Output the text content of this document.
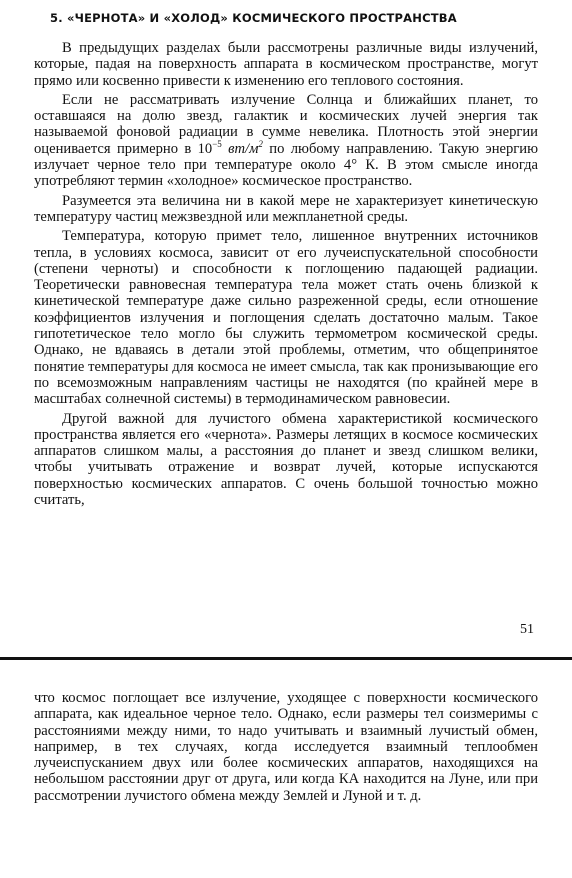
5. «ЧЕРНОТА» И «ХОЛОД» КОСМИЧЕСКОГО ПРОСТРАНСТВА

В предыдущих разделах были рассмотрены различные виды излучений, которые, падая на поверхность аппарата в космическом пространстве, могут прямо или косвенно привести к изменению его теплового состояния.

Если не рассматривать излучение Солнца и ближайших планет, то оставшаяся на долю звезд, галактик и космических лучей энергия так называемой фоновой радиации в сумме невелика. Плотность этой энергии оценивается примерно в $10^{-5}$ $вт/м^2$ по любому направлению. Такую энергию излучает черное тело при температуре около 4° К. В этом смысле иногда употребляют термин «холодное» космическое пространство.

Разумеется эта величина ни в какой мере не характеризует кинетическую температуру частиц межзвездной или межпланетной среды.

Температура, которую примет тело, лишенное внутренних источников тепла, в условиях космоса, зависит от его лучеиспускательной способности (степени черноты) и способности к поглощению падающей радиации. Теоретически равновесная температура тела может стать очень близкой к кинетической температуре даже сильно разреженной среды, если отношение коэффициентов излучения и поглощения сделать достаточно малым. Такое гипотетическое тело могло бы служить термометром космической среды. Однако, не вдаваясь в детали этой проблемы, отметим, что общепринятое понятие температуры для космоса не имеет смысла, так как пронизывающие его по всемозможным направлениям частицы не находятся (по крайней мере в масштабах солнечной системы) в термодинамическом равновесии.

Другой важной для лучистого обмена характеристикой космического пространства является его «чернота». Размеры летящих в космосе космических аппаратов слишком малы, а расстояния до планет и звезд слишком велики, чтобы учитывать отражение и возврат лучей, которые испускаются поверхностью космических аппаратов. С очень большой точностью можно считать,

51

что космос поглощает все излучение, уходящее с поверхности космического аппарата, как идеальное черное тело. Однако, если размеры тел соизмеримы с расстояниями между ними, то надо учитывать и взаимный лучистый обмен, например, в тех случаях, когда исследуется взаимный теплообмен лучеиспусканием двух или более космических аппаратов, находящихся на небольшом расстоянии друг от друга, или когда КА находится на Луне, или при рассмотрении лучистого обмена между Землей и Луной и т. д.
